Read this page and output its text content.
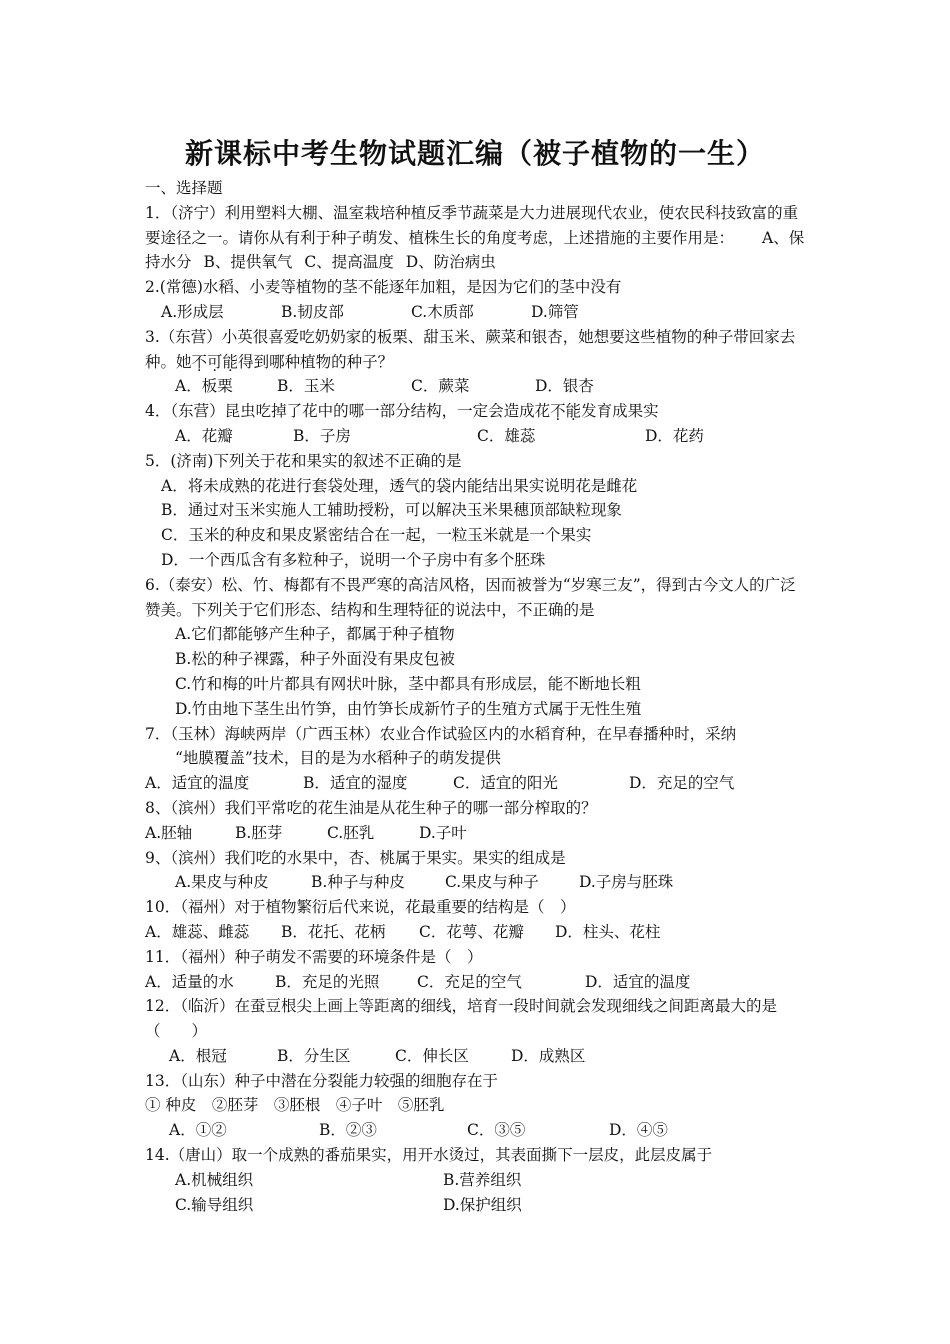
新课标中考生物试题汇编（被子植物的一生）

一、选择题

1．（济宁）利用塑料大棚、温室栽培种植反季节蔬菜是大力进展现代农业，使农民科技致富的重要途径之一。请你从有利于种子萌发、植株生长的角度考虑，上述措施的主要作用是： A、保持水分 B、提供氧气 C、提高温度 D、防治病虫

2.(常德)水稻、小麦等植物的茎不能逐年加粗，是因为它们的茎中没有

A.形成层	B.韧皮部	C.木质部	D.筛管

3.（东营）小英很喜爱吃奶奶家的板栗、甜玉米、蕨菜和银杏，她想要这些植物的种子带回家去种。她不可能得到哪种植物的种子？

A．板栗	B．玉米	C．蕨菜	D．银杏

4．（东营）昆虫吃掉了花中的哪一部分结构，一定会造成花不能发育成果实

A．花瓣	B．子房	C．雄蕊	D．花药

5．(济南)下列关于花和果实的叙述不正确的是

A．将未成熟的花进行套袋处理，透气的袋内能结出果实说明花是雌花

B．通过对玉米实施人工辅助授粉，可以解决玉米果穗顶部缺粒现象

C．玉米的种皮和果皮紧密结合在一起，一粒玉米就是一个果实

D．一个西瓜含有多粒种子，说明一个子房中有多个胚珠

6.（泰安）松、竹、梅都有不畏严寒的高洁风格，因而被誉为“岁寒三友”，得到古今文人的广泛赞美。下列关于它们形态、结构和生理特征的说法中，不正确的是

A.它们都能够产生种子，都属于种子植物

B.松的种子裸露，种子外面没有果皮包被

C.竹和梅的叶片都具有网状叶脉，茎中都具有形成层，能不断地长粗

D.竹由地下茎生出竹笋，由竹笋长成新竹子的生殖方式属于无性生殖

7．（玉林）海峡两岸（广西玉林）农业合作试验区内的水稻育种，在早春播种时，采纳

“地膜覆盖”技术，目的是为水稻种子的萌发提供

A．适宜的温度	B．适宜的湿度	C．适宜的阳光	D．充足的空气

8、（滨州）我们平常吃的花生油是从花生种子的哪一部分榨取的？

A.胚轴	B.胚芽	C.胚乳	D.子叶

9、（滨州）我们吃的水果中，杏、桃属于果实。果实的组成是

A.果皮与种皮	B.种子与种皮	C.果皮与种子	D.子房与胚珠

10．（福州）对于植物繁衍后代来说，花最重要的结构是（　）

A．雄蕊、雌蕊 B．花托、花柄 C．花萼、花瓣 D．柱头、花柱

11．（福州）种子萌发不需要的环境条件是（　）

A．适量的水	B．充足的光照 C．充足的空气	D．适宜的温度

12．（临沂）在蚕豆根尖上画上等距离的细线，培育一段时间就会发现细线之间距离最大的是（　　）

A．根冠	B．分生区	C．伸长区	D．成熟区

13．（山东）种子中潜在分裂能力较强的细胞存在于

① 种皮　②胚芽　③胚根　④子叶　⑤胚乳

A．①②	B．②③	C．③⑤	D．④⑤

14.（唐山）取一个成熟的番茄果实，用开水烫过，其表面撕下一层皮，此层皮属于

A.机械组织	B.营养组织

C.输导组织	D.保护组织
